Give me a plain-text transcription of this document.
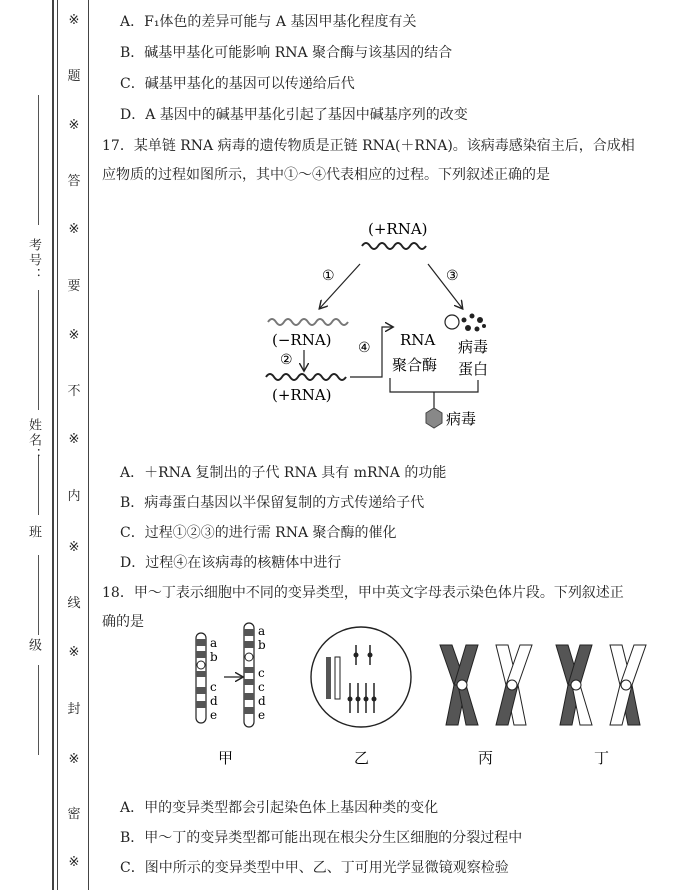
考号：
姓名：
班
级
※
题
※
答
※
要
※
不
※
内
※
线
※
封
※
密
※
A．F₁体色的差异可能与 A 基因甲基化程度有关
B．碱基甲基化可能影响 RNA 聚合酶与该基因的结合
C．碱基甲基化的基因可以传递给后代
D．A 基因中的碱基甲基化引起了基因中碱基序列的改变
17．某单链 RNA 病毒的遗传物质是正链 RNA(＋RNA)。该病毒感染宿主后，合成相
应物质的过程如图所示，其中①～④代表相应的过程。下列叙述正确的是
(+RNA)
①	③
(−RNA)
②
(+RNA)
④ RNA
聚合酶
病毒
蛋白
病毒
A．＋RNA 复制出的子代 RNA 具有 mRNA 的功能
B．病毒蛋白基因以半保留复制的方式传递给子代
C．过程①②③的进行需 RNA 聚合酶的催化
D．过程④在该病毒的核糖体中进行
18．甲～丁表示细胞中不同的变异类型，甲中英文字母表示染色体片段。下列叙述正
确的是
a
b
c
d
e
a
b
c
c
d
e
甲	乙	丙	丁
A．甲的变异类型都会引起染色体上基因种类的变化
B．甲～丁的变异类型都可能出现在根尖分生区细胞的分裂过程中
C．图中所示的变异类型中甲、乙、丁可用光学显微镜观察检验
